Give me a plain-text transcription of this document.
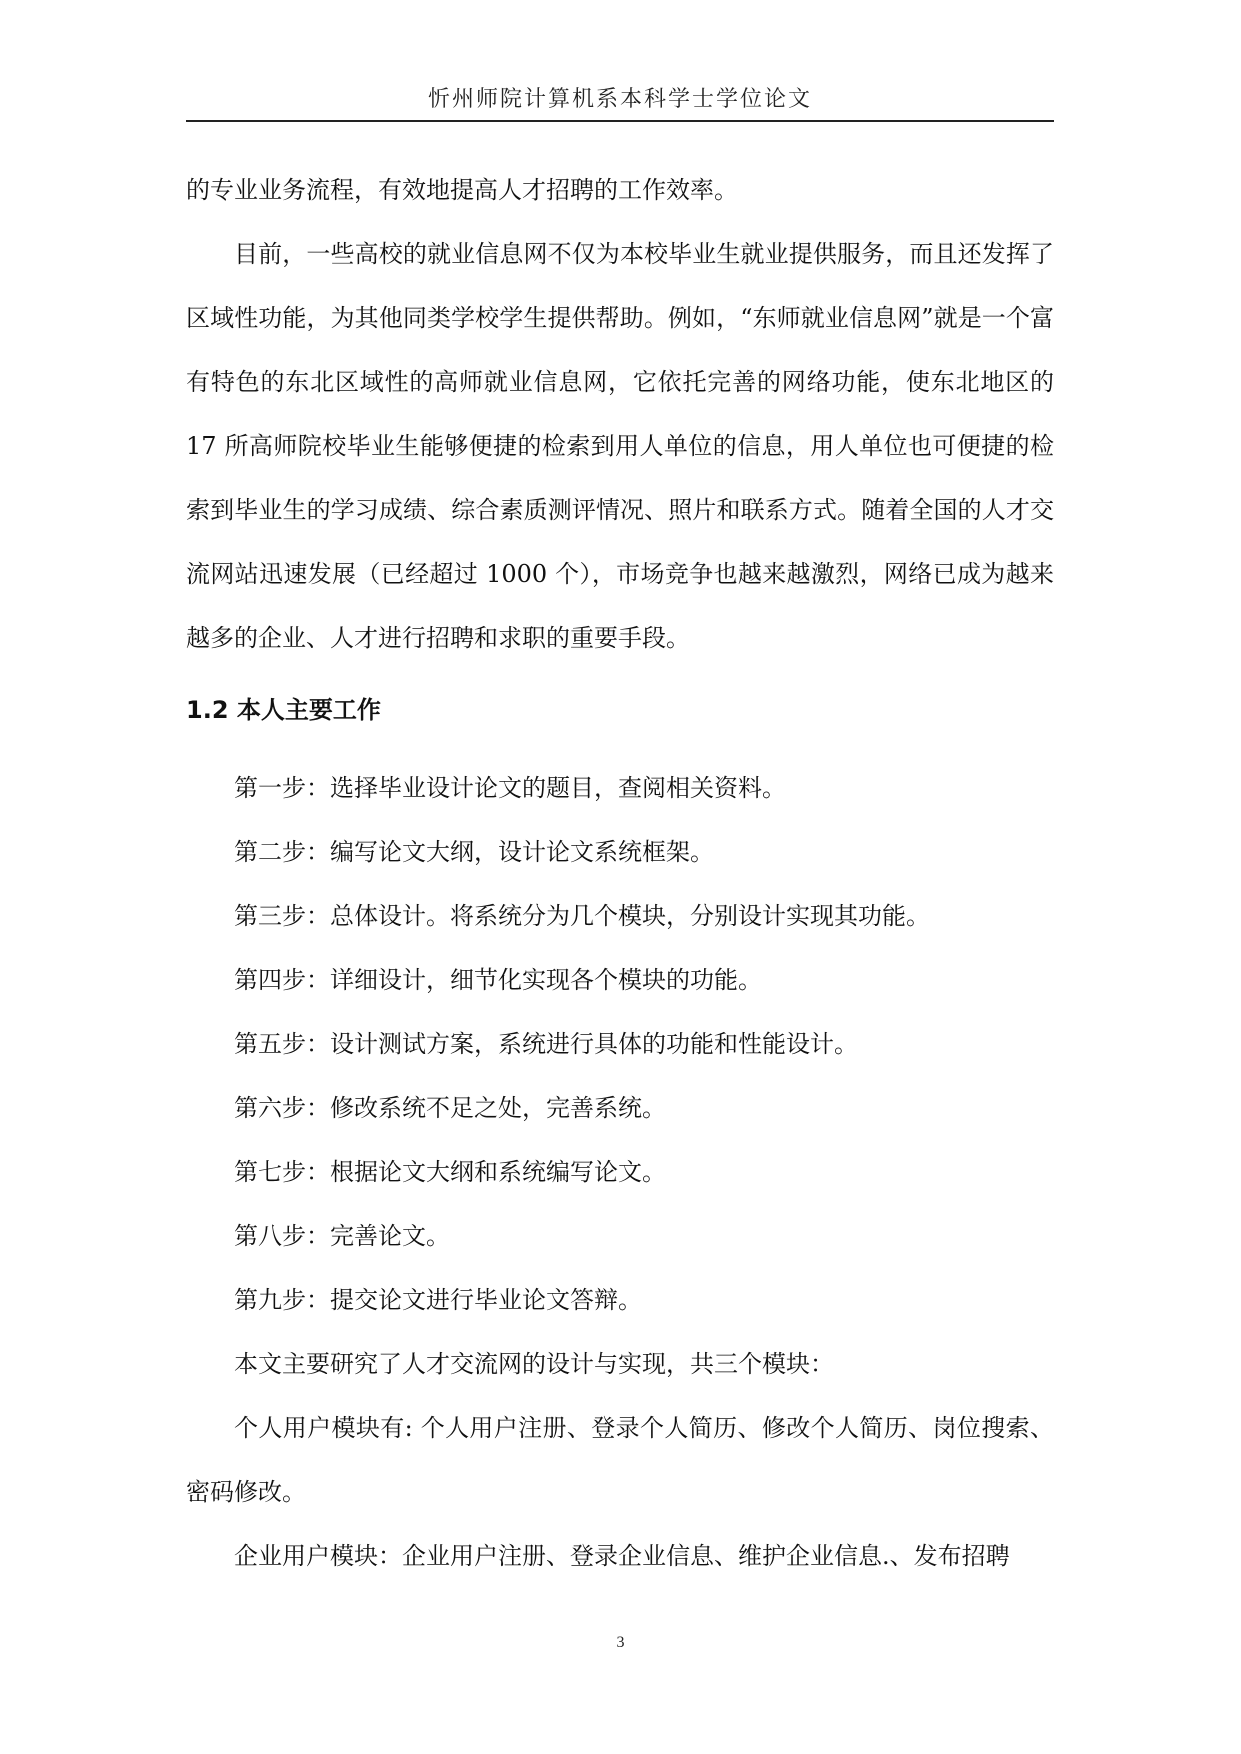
忻州师院计算机系本科学士学位论文

的专业业务流程，有效地提高人才招聘的工作效率。

目前，一些高校的就业信息网不仅为本校毕业生就业提供服务，而且还发挥了区域性功能，为其他同类学校学生提供帮助。例如，“东师就业信息网”就是一个富有特色的东北区域性的高师就业信息网，它依托完善的网络功能，使东北地区的 17 所高师院校毕业生能够便捷的检索到用人单位的信息，用人单位也可便捷的检索到毕业生的学习成绩、综合素质测评情况、照片和联系方式。随着全国的人才交流网站迅速发展（已经超过 1000 个），市场竞争也越来越激烈，网络已成为越来越多的企业、人才进行招聘和求职的重要手段。

1.2 本人主要工作
第一步：选择毕业设计论文的题目，查阅相关资料。
第二步：编写论文大纲，设计论文系统框架。
第三步：总体设计。将系统分为几个模块，分别设计实现其功能。
第四步：详细设计，细节化实现各个模块的功能。
第五步：设计测试方案，系统进行具体的功能和性能设计。
第六步：修改系统不足之处，完善系统。
第七步：根据论文大纲和系统编写论文。
第八步：完善论文。
第九步：提交论文进行毕业论文答辩。

本文主要研究了人才交流网的设计与实现，共三个模块：

个人用户模块有: 个人用户注册、登录个人简历、修改个人简历、岗位搜索、密码修改。

企业用户模块：企业用户注册、登录企业信息、维护企业信息.、发布招聘

3
